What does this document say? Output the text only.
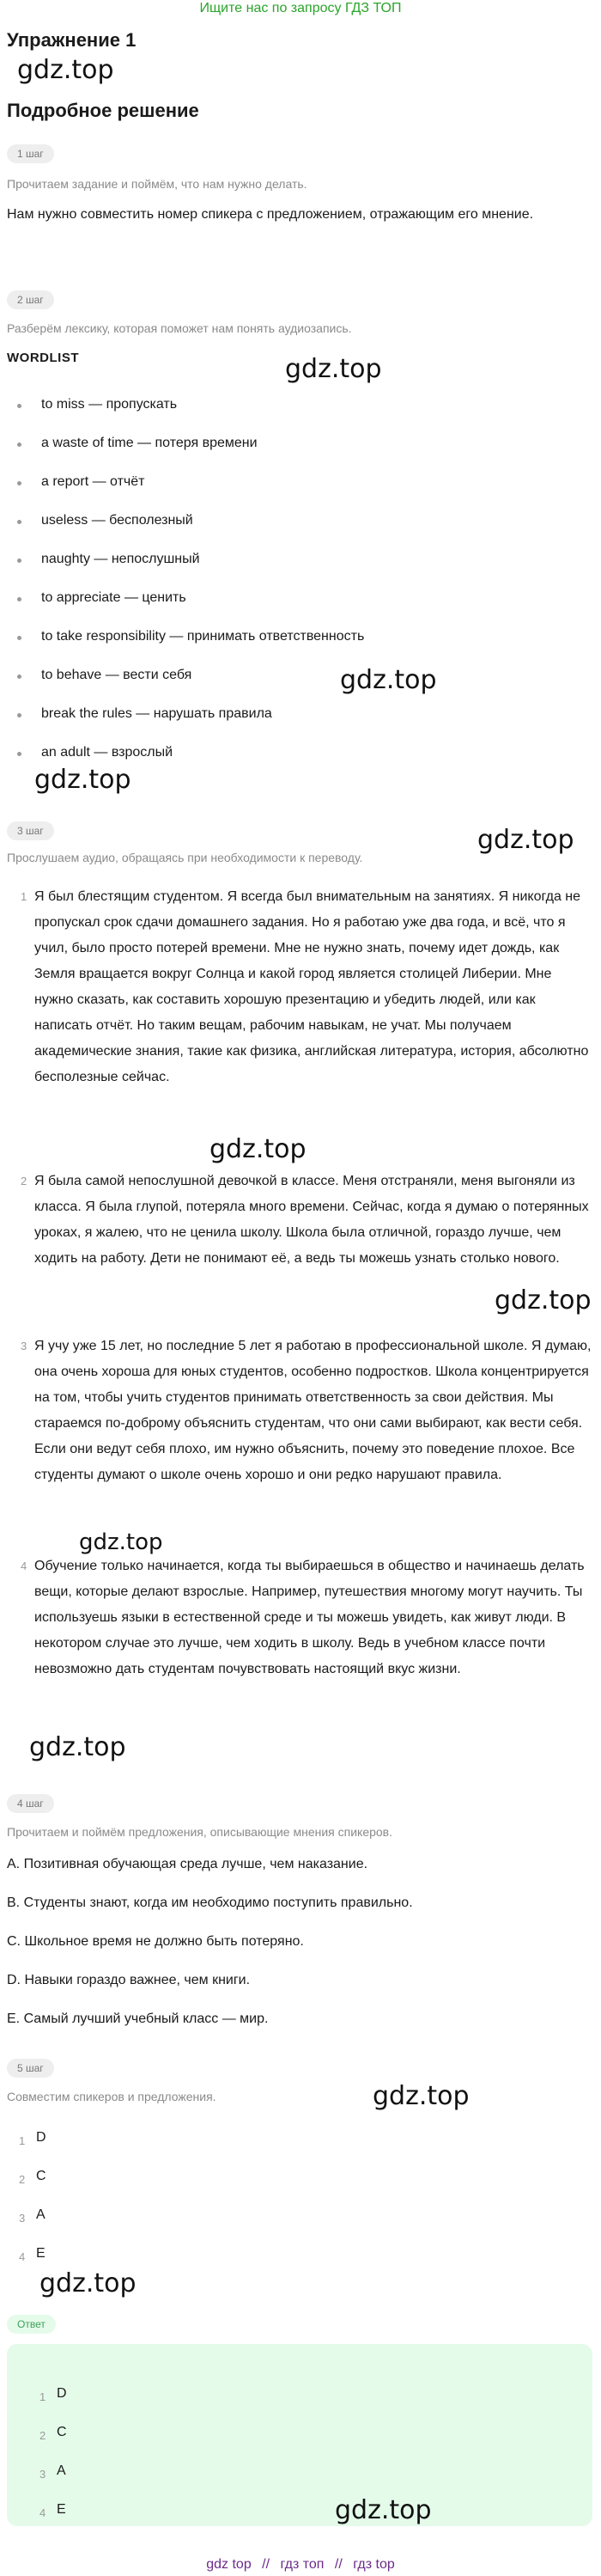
Ищите нас по запросу ГДЗ ТОП
Упражнение 1
gdz.top
Подробное решение
1 шаг
Прочитаем задание и поймём, что нам нужно делать.
Нам нужно совместить номер спикера с предложением, отражающим его мнение.
2 шаг
Разберём лексику, которая поможет нам понять аудиозапись.
WORDLIST	gdz.top
to miss — пропускать
a waste of time — потеря времени
a report — отчёт
useless — бесполезный
naughty — непослушный
to appreciate — ценить
to take responsibility — принимать ответственность
to behave — вести себя	gdz.top
break the rules — нарушать правила
an adult — взрослый
gdz.top
3 шаг	gdz.top
Прослушаем аудио, обращаясь при необходимости к переводу.
1 Я был блестящим студентом. Я всегда был внимательным на занятиях. Я никогда не пропускал срок сдачи домашнего задания. Но я работаю уже два года, и всё, что я учил, было просто потерей времени. Мне не нужно знать, почему идет дождь, как Земля вращается вокруг Солнца и какой город является столицей Либерии. Мне нужно сказать, как составить хорошую презентацию и убедить людей, или как написать отчёт. Но таким вещам, рабочим навыкам, не учат. Мы получаем академические знания, такие как физика, английская литература, история, абсолютно бесполезные сейчас.
gdz.top
2 Я была самой непослушной девочкой в классе. Меня отстраняли, меня выгоняли из класса. Я была глупой, потеряла много времени. Сейчас, когда я думаю о потерянных уроках, я жалею, что не ценила школу. Школа была отличной, гораздо лучше, чем ходить на работу. Дети не понимают её, а ведь ты можешь узнать столько нового.
gdz.top
3 Я учу уже 15 лет, но последние 5 лет я работаю в профессиональной школе. Я думаю, она очень хороша для юных студентов, особенно подростков. Школа концентрируется на том, чтобы учить студентов принимать ответственность за свои действия. Мы стараемся по-доброму объяснить студентам, что они сами выбирают, как вести себя. Если они ведут себя плохо, им нужно объяснить, почему это поведение плохое. Все студенты думают о школе очень хорошо и они редко нарушают правила.
gdz.top
4 Обучение только начинается, когда ты выбираешься в общество и начинаешь делать вещи, которые делают взрослые. Например, путешествия многому могут научить. Ты используешь языки в естественной среде и ты можешь увидеть, как живут люди. В некотором случае это лучше, чем ходить в школу. Ведь в учебном классе почти невозможно дать студентам почувствовать настоящий вкус жизни.
gdz.top
4 шаг
Прочитаем и поймём предложения, описывающие мнения спикеров.
A. Позитивная обучающая среда лучше, чем наказание.
B. Студенты знают, когда им необходимо поступить правильно.
C. Школьное время не должно быть потеряно.
D. Навыки гораздо важнее, чем книги.
E. Самый лучший учебный класс — мир.
5 шаг
Совместим спикеров и предложения.	gdz.top
1 D
2 C
3 A
4 E
gdz.top
Ответ
1 D
2 C
3 A
4 E	gdz.top
gdz top // гдз топ // гдз top
